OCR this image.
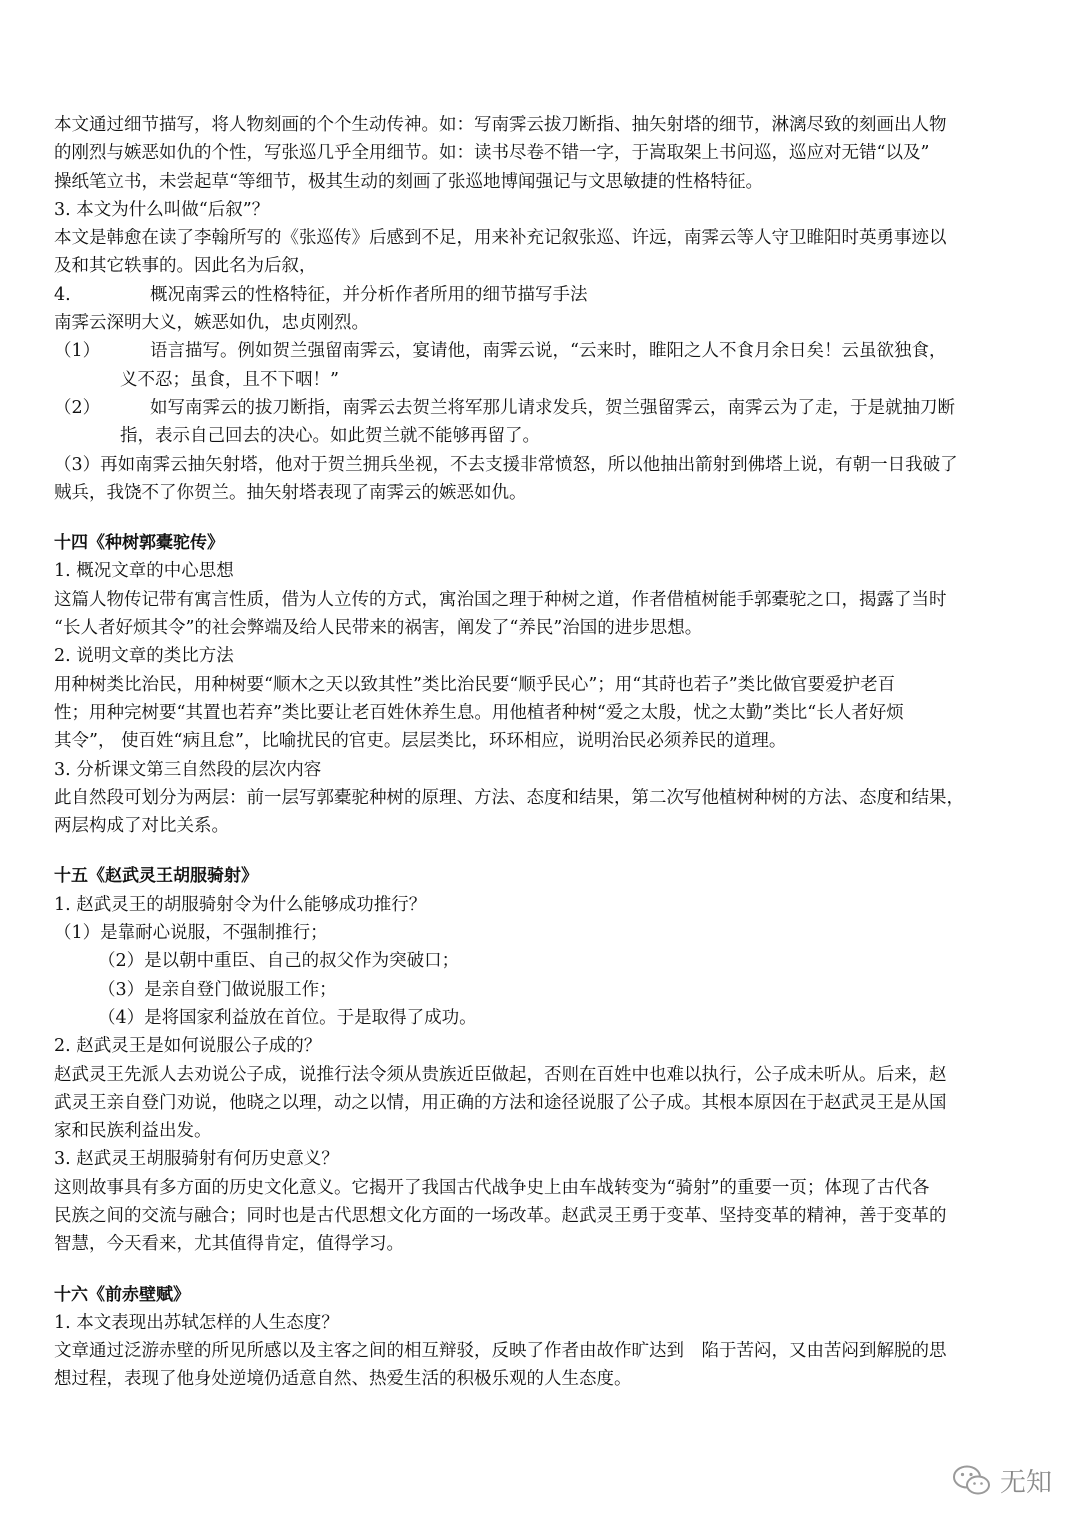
本文通过细节描写，将人物刻画的个个生动传神。如：写南霁云拔刀断指、抽矢射塔的细节，淋漓尽致的刻画出人物
的刚烈与嫉恶如仇的个性，写张巡几乎全用细节。如：读书尽卷不错一字，于嵩取架上书问巡，巡应对无错“以及”
操纸笔立书，未尝起草“等细节，极其生动的刻画了张巡地博闻强记与文思敏捷的性格特征。
3. 本文为什么叫做“后叙”？
本文是韩愈在读了李翰所写的《张巡传》后感到不足，用来补充记叙张巡、许远，南霁云等人守卫睢阳时英勇事迹以
及和其它轶事的。因此名为后叙，
4.	概况南霁云的性格特征，并分析作者所用的细节描写手法
南霁云深明大义，嫉恶如仇，忠贞刚烈。
（1）	语言描写。例如贺兰强留南霁云，宴请他，南霁云说，“云来时，睢阳之人不食月余日矣！云虽欲独食，
义不忍；虽食，且不下咽！”
（2）	如写南霁云的拔刀断指，南霁云去贺兰将军那儿请求发兵，贺兰强留霁云，南霁云为了走，于是就抽刀断
指，表示自己回去的决心。如此贺兰就不能够再留了。
（3）再如南霁云抽矢射塔，他对于贺兰拥兵坐视，不去支援非常愤怒，所以他抽出箭射到佛塔上说，有朝一日我破了
贼兵，我饶不了你贺兰。抽矢射塔表现了南霁云的嫉恶如仇。
十四《种树郭橐驼传》
1. 概况文章的中心思想
这篇人物传记带有寓言性质，借为人立传的方式，寓治国之理于种树之道，作者借植树能手郭橐驼之口，揭露了当时
“长人者好烦其令”的社会弊端及给人民带来的祸害，阐发了“养民”治国的进步思想。
2. 说明文章的类比方法
用种树类比治民，用种树要“顺木之天以致其性”类比治民要“顺乎民心”；用“其莳也若子”类比做官要爱护老百
性；用种完树要“其置也若弃”类比要让老百姓休养生息。用他植者种树“爱之太殷，忧之太勤”类比“长人者好烦
其令”， 使百姓“病且怠”，比喻扰民的官吏。层层类比，环环相应，说明治民必须养民的道理。
3. 分析课文第三自然段的层次内容
此自然段可划分为两层：前一层写郭橐驼种树的原理、方法、态度和结果，第二次写他植树种树的方法、态度和结果，
两层构成了对比关系。
十五《赵武灵王胡服骑射》
1. 赵武灵王的胡服骑射令为什么能够成功推行？
（1）是靠耐心说服，不强制推行；
（2）是以朝中重臣、自己的叔父作为突破口；
（3）是亲自登门做说服工作；
（4）是将国家利益放在首位。于是取得了成功。
2. 赵武灵王是如何说服公子成的？
赵武灵王先派人去劝说公子成，说推行法令须从贵族近臣做起，否则在百姓中也难以执行，公子成未听从。后来，赵
武灵王亲自登门劝说，他晓之以理，动之以情，用正确的方法和途径说服了公子成。其根本原因在于赵武灵王是从国
家和民族利益出发。
3. 赵武灵王胡服骑射有何历史意义？
这则故事具有多方面的历史文化意义。它揭开了我国古代战争史上由车战转变为“骑射”的重要一页；体现了古代各
民族之间的交流与融合；同时也是古代思想文化方面的一场改革。赵武灵王勇于变革、坚持变革的精神，善于变革的
智慧，今天看来，尤其值得肯定，值得学习。
十六《前赤壁赋》
1. 本文表现出苏轼怎样的人生态度？
文章通过泛游赤壁的所见所感以及主客之间的相互辩驳，反映了作者由故作旷达到　陷于苦闷，又由苦闷到解脱的思
想过程，表现了他身处逆境仍适意自然、热爱生活的积极乐观的人生态度。
无知
